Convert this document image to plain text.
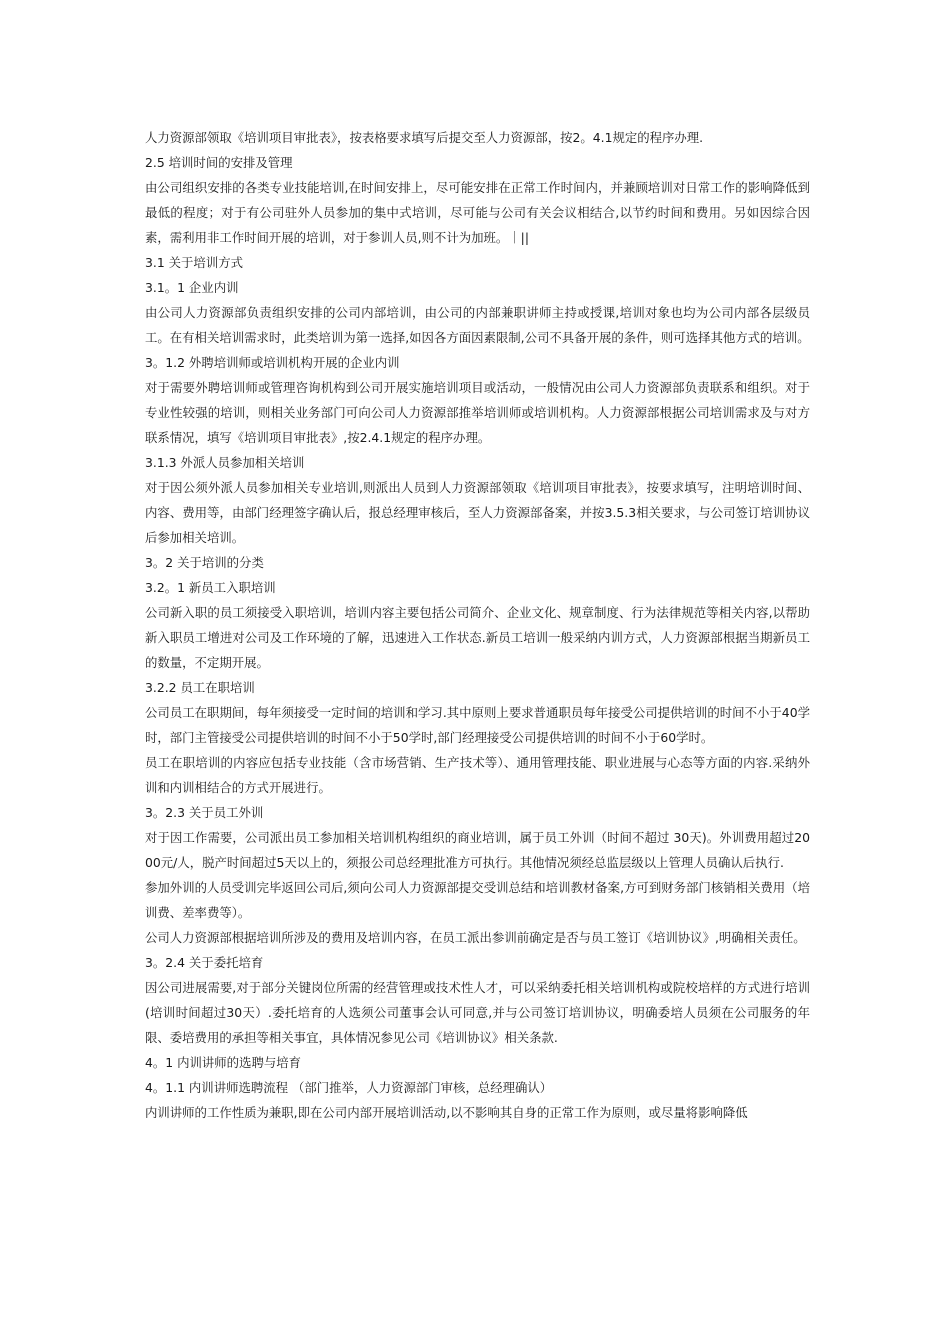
人力资源部领取《培训项目审批表》，按表格要求填写后提交至人力资源部，按2。4.1规定的程序办理.

2.5 培训时间的安排及管理

由公司组织安排的各类专业技能培训,在时间安排上，尽可能安排在正常工作时间内，并兼顾培训对日常工作的影响降低到最低的程度；对于有公司驻外人员参加的集中式培训，尽可能与公司有关会议相结合,以节约时间和费用。另如因综合因素，需利用非工作时间开展的培训，对于参训人员,则不计为加班。｜||

3.1 关于培训方式

3.1。1 企业内训

由公司人力资源部负责组织安排的公司内部培训，由公司的内部兼职讲师主持或授课,培训对象也均为公司内部各层级员工。在有相关培训需求时，此类培训为第一选择,如因各方面因素限制,公司不具备开展的条件，则可选择其他方式的培训。

3。1.2 外聘培训师或培训机构开展的企业内训

对于需要外聘培训师或管理咨询机构到公司开展实施培训项目或活动，一般情况由公司人力资源部负责联系和组织。对于专业性较强的培训，则相关业务部门可向公司人力资源部推举培训师或培训机构。人力资源部根据公司培训需求及与对方联系情况，填写《培训项目审批表》,按2.4.1规定的程序办理。

3.1.3 外派人员参加相关培训

对于因公须外派人员参加相关专业培训,则派出人员到人力资源部领取《培训项目审批表》，按要求填写，注明培训时间、内容、费用等，由部门经理签字确认后，报总经理审核后，至人力资源部备案，并按3.5.3相关要求，与公司签订培训协议后参加相关培训。

3。2 关于培训的分类

3.2。1 新员工入职培训

公司新入职的员工须接受入职培训，培训内容主要包括公司简介、企业文化、规章制度、行为法律规范等相关内容,以帮助新入职员工增进对公司及工作环境的了解，迅速进入工作状态.新员工培训一般采纳内训方式，人力资源部根据当期新员工的数量，不定期开展。

3.2.2 员工在职培训

公司员工在职期间，每年须接受一定时间的培训和学习.其中原则上要求普通职员每年接受公司提供培训的时间不小于40学时，部门主管接受公司提供培训的时间不小于50学时,部门经理接受公司提供培训的时间不小于60学时。

员工在职培训的内容应包括专业技能（含市场营销、生产技术等）、通用管理技能、职业进展与心态等方面的内容.采纳外训和内训相结合的方式开展进行。

3。2.3 关于员工外训

对于因工作需要，公司派出员工参加相关培训机构组织的商业培训，属于员工外训（时间不超过 30天)。外训费用超过2000元/人，脱产时间超过5天以上的，须报公司总经理批准方可执行。其他情况须经总监层级以上管理人员确认后执行.

参加外训的人员受训完毕返回公司后,须向公司人力资源部提交受训总结和培训教材备案,方可到财务部门核销相关费用（培训费、差率费等）。

公司人力资源部根据培训所涉及的费用及培训内容，在员工派出参训前确定是否与员工签订《培训协议》,明确相关责任。

3。2.4 关于委托培育

因公司进展需要,对于部分关键岗位所需的经营管理或技术性人才，可以采纳委托相关培训机构或院校培样的方式进行培训(培训时间超过30天）.委托培育的人选须公司董事会认可同意,并与公司签订培训协议，明确委培人员须在公司服务的年限、委培费用的承担等相关事宜，具体情况参见公司《培训协议》相关条款.

4。1 内训讲师的选聘与培育

4。1.1 内训讲师选聘流程 （部门推举，人力资源部门审核，总经理确认）

内训讲师的工作性质为兼职,即在公司内部开展培训活动,以不影响其自身的正常工作为原则，或尽量将影响降低
